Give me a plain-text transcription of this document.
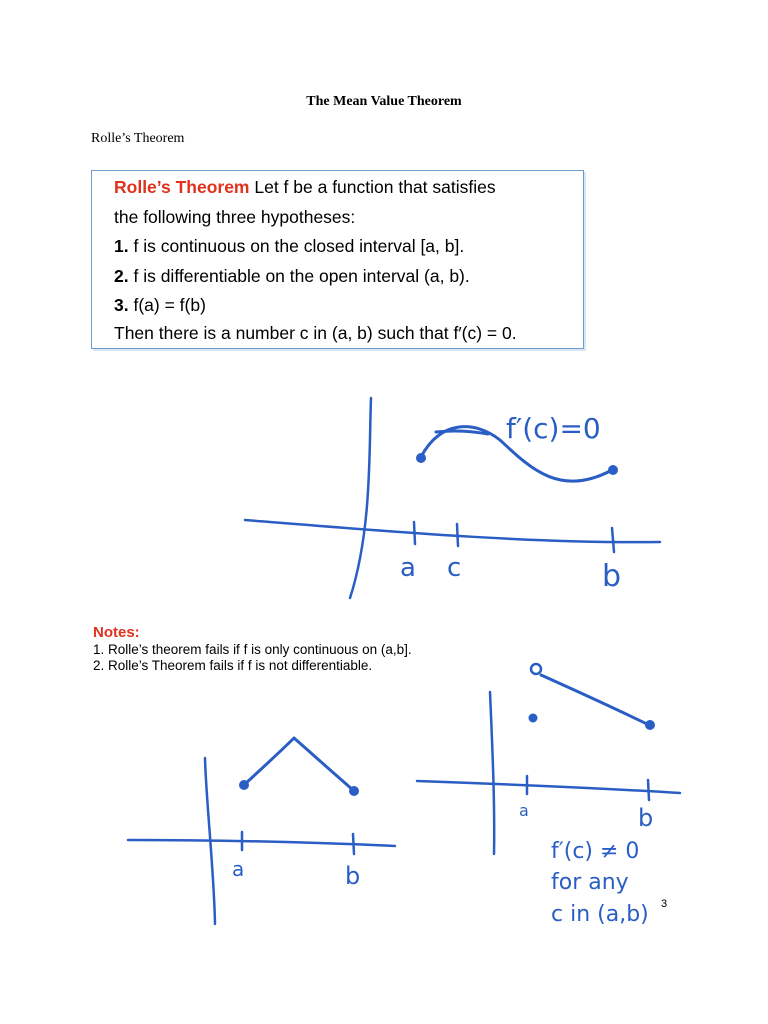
The Mean Value Theorem
Rolle’s Theorem
Rolle’s Theorem Let f be a function that satisfies
the following three hypotheses:
1. f is continuous on the closed interval [a, b].
2. f is differentiable on the open interval (a, b).
3. f(a) = f(b)
Then there is a number c in (a, b) such that f′(c) = 0.
Notes:
1. Rolle’s theorem fails if f is only continuous on (a,b].
2. Rolle’s Theorem fails if f is not differentiable.
f′(c)=0
a c	b
a	b
a	b
f′(c) ≠ 0
for any
c in (a,b) 3
